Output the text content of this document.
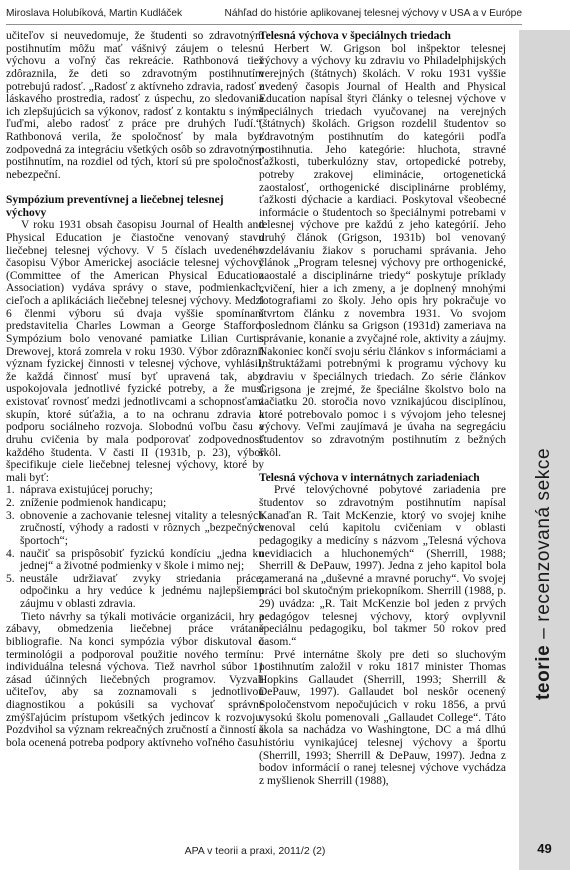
Miroslava Holubíková, Martin Kudláček	Náhľad do histórie aplikovanej telesnej výchovy v USA a v Európe

učiteľov si neuvedomuje, že študenti so zdravotným postihnutím môžu mať vášnivý záujem o telesnú výchovu a voľný čas rekreácie. Rathbonová tiež zdôraznila, že deti so zdravotným postihnutím potrebujú radosť. „Radosť z aktívneho zdravia, radosť z láskavého prostredia, radosť z úspechu, zo sledovania ich zlepšujúcich sa výkonov, radosť z kontaktu s inými ľuďmi, alebo radosť z práce pre druhých ľudí.“. Rathbonová verila, že spoločnosť by mala byť zodpovedná za integráciu všetkých osôb so zdravotným postihnutím, na rozdiel od tých, ktorí sú pre spoločnosť nebezpeční.

Sympózium preventívnej a liečebnej telesnej výchovy

V roku 1931 obsah časopisu Journal of Health and Physical Education je čiastočne venovaný stavu liečebnej telesnej výchovy. V 5 číslach uvedeného časopisu Výbor Americkej asociácie telesnej výchovy (Committee of the American Physical Education Association) vydáva správy o stave, podmienkach, cieľoch a aplikáciách liečebnej telesnej výchovy. Medzi 6 členmi výboru sú dvaja vyššie spomínaní predstavitelia Charles Lowman a George Stafford. Sympózium bolo venované pamiatke Lilian Curtis Drewovej, ktorá zomrela v roku 1930. Výbor zdôraznil význam fyzickej činnosti v telesnej výchove, vyhlásil, že každá činnosť musí byť upravená tak, aby uspokojovala jednotlivé fyzické potreby, a že musí existovať rovnosť medzi jednotlivcami a schopnosťami skupín, ktoré súťažia, a to na ochranu zdravia a podporu sociálneho rozvoja. Slobodnú voľbu času a druhu cvičenia by mala podporovať zodpovednosť každého študenta. V časti II (1931b, p. 23), výbor špecifikuje ciele liečebnej telesnej výchovy, ktoré by mali byť:

1. náprava existujúcej poruchy;
2. zníženie podmienok handicapu;
3. obnovenie a zachovanie telesnej vitality a telesných zručností, výhody a radosti v rôznych „bezpečných športoch“;
4. naučiť sa prispôsobiť fyzickú kondíciu „jedna ku jednej“ a životné podmienky v škole i mimo nej;
5. neustále udržiavať zvyky striedania práce, odpočinku a hry vedúce k jednému najlepšiemu záujmu v oblasti zdravia.

Tieto návrhy sa týkali motivácie organizácii, hry a zábavy, obmedzenia liečebnej práce vrátane bibliografie. Na konci sympózia výbor diskutoval o terminológii a podporoval použitie nového termínu: individuálna telesná výchova. Tiež navrhol súbor 11 zásad účinných liečebných programov. Vyzvali učiteľov, aby sa zoznamovali s jednotlivou diagnostikou a pokúsili sa vychovať správne zmýšľajúcim prístupom všetkých jedincov k rozvoju. Pozdvihol sa význam rekreačných zručností a činností a bola ocenená potreba podpory aktívneho voľného času.

Telesná výchova v špeciálnych triedach

Herbert W. Grigson bol inšpektor telesnej výchovy a výchovy ku zdraviu vo Philadelphijských verejných (štátnych) školách. V roku 1931 vyššie uvedený časopis Journal of Health and Physical Education napísal štyri články o telesnej výchove v špeciálnych triedach vyučovanej na verejných (štátnych) školách. Grigson rozdelil študentov so zdravotným postihnutím do kategórii podľa postihnutia. Jeho kategórie: hluchota, stravné ťažkosti, tuberkulózny stav, ortopedické potreby, potreby zrakovej eliminácie, ortogenetická zaostalosť, orthogenické disciplinárne problémy, ťažkosti dýchacie a kardiaci. Poskytoval všeobecné informácie o študentoch so špeciálnymi potrebami v telesnej výchove pre každú z jeho kategórií. Jeho druhý článok (Grigson, 1931b) bol venovaný vzdelávaniu žiakov s poruchami správania. Jeho článok „Program telesnej výchovy pre orthogenické, zaostalé a disciplinárne triedy“ poskytuje príklady cvičení, hier a ich zmeny, a je doplnený mnohými fotografiami zo školy. Jeho opis hry pokračuje vo štvrtom článku z novembra 1931. Vo svojom poslednom článku sa Grigson (1931d) zameriava na správanie, konanie a zvyčajné role, aktivity a záujmy. Nakoniec končí svoju sériu článkov s informáciami a inštruktážami potrebnými k programu výchovy ku zdraviu v špeciálnych triedach. Zo série článkov Grigsona je zrejmé, že špeciálne školstvo bolo na začiatku 20. storočia novo vznikajúcou disciplínou, ktoré potrebovalo pomoc i s vývojom jeho telesnej výchovy. Veľmi zaujímavá je úvaha na segregáciu študentov so zdravotným postihnutím z bežných škôl.

Telesná výchova v internátnych zariadeniach

Prvé telovýchovné pobytové zariadenia pre študentov so zdravotným postihnutím napísal Kanaďan R. Tait McKenzie, ktorý vo svojej knihe venoval celú kapitolu cvičeniam v oblasti pedagogiky a medicíny s názvom „Telesná výchova nevidiacich a hluchonemých“ (Sherrill, 1988; Sherrill & DePauw, 1997). Jedna z jeho kapitol bola zameraná na „duševné a mravné poruchy“. Vo svojej práci bol skutočným priekopníkom. Sherrill (1988, p. 29) uvádza: „R. Tait McKenzie bol jeden z prvých pedagógov telesnej výchovy, ktorý ovplyvnil špeciálnu pedagogiku, bol takmer 50 rokov pred časom.“

Prvé internátne školy pre deti so sluchovým postihnutím založil v roku 1817 minister Thomas Hopkins Gallaudet (Sherrill, 1993; Sherrill & DePauw, 1997). Gallaudet bol neskôr ocenený Spoločenstvom nepočujúcich v roku 1856, a prvú vysokú školu pomenovali „Gallaudet College“. Táto škola sa nachádza vo Washingtone, DC a má dlhú históriu vynikajúcej telesnej výchovy a športu (Sherrill, 1993; Sherrill & DePauw, 1997). Jedna z bodov informácií o ranej telesnej výchove vychádza z myšlienok Sherrill (1988),

teorie – recenzovaná sekce
APA v teorii a praxi, 2011/2 (2)	49
